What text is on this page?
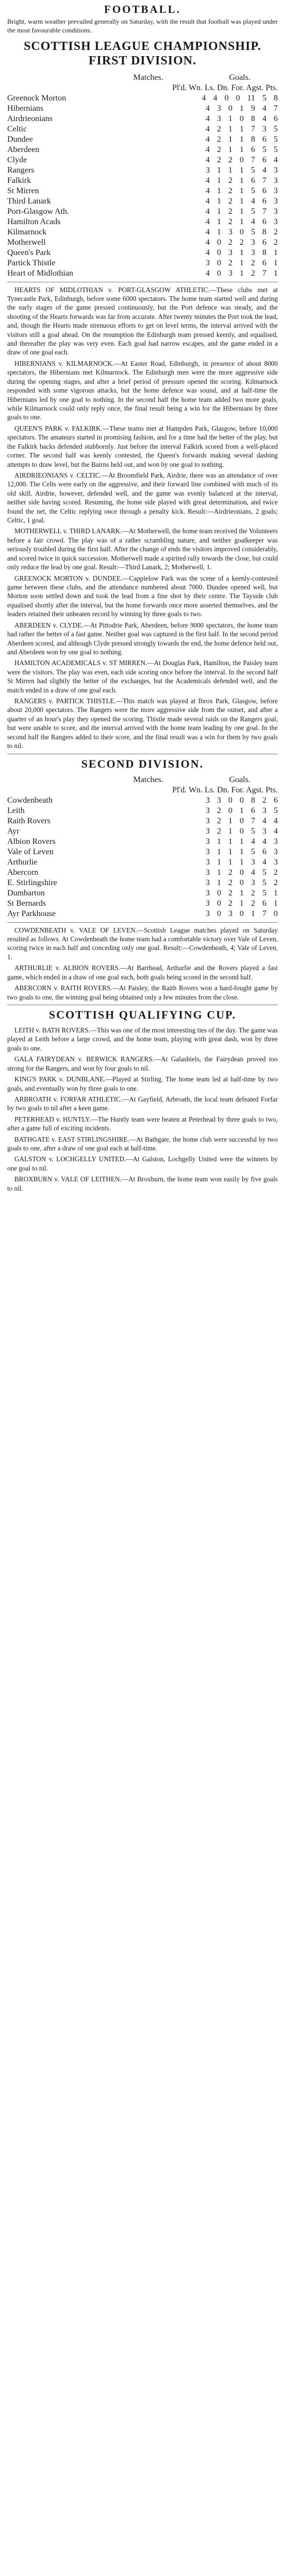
FOOTBALL.

Bright, warm weather prevailed generally on Saturday, with the result that football was played under the most favourable conditions.

SCOTTISH LEAGUE CHAMPIONSHIP.
FIRST DIVISION.
	Matches.	Goals.
	Pl'd. Wn. Ls. Dn. For. Agst. Pts.	
Greenock Morton	4 4 0 0 11 5 8
Hibernians	4 3 0 1 9 4 7
Airdrieonians	4 3 1 0 8 4 6
Celtic	4 2 1 1 7 3 5
Dundee	4 2 1 1 8 6 5
Aberdeen	4 2 1 1 6 5 5
Clyde	4 2 2 0 7 6 4
Rangers	3 1 1 1 5 4 3
Falkirk	4 1 2 1 6 7 3
St Mirren	4 1 2 1 5 6 3
Third Lanark	4 1 2 1 4 6 3
Port-Glasgow Ath.	4 1 2 1 5 7 3
Hamilton Acads	4 1 2 1 4 6 3
Kilmarnock	4 1 3 0 5 8 2
Motherwell	4 0 2 2 3 6 2
Queen's Park	4 0 3 1 3 8 1
Partick Thistle	3 0 2 1 2 6 1
Heart of Midlothian	4 0 3 1 2 7 1

HEARTS OF MIDLOTHIAN v. PORT-GLASGOW ATHLETIC.—These clubs met at Tynecastle Park, Edinburgh, before some 6000 spectators. The home team started well and during the early stages of the game pressed continuously, but the Port defence was steady, and the shooting of the Hearts forwards was far from accurate. After twenty minutes the Port took the lead, and, though the Hearts made strenuous efforts to get on level terms, the interval arrived with the visitors still a goal ahead. On the resumption the Edinburgh team pressed keenly, and equalised, and thereafter the play was very even. Each goal had narrow escapes, and the game ended in a draw of one goal each.

HIBERNIANS v. KILMARNOCK.—At Easter Road, Edinburgh, in presence of about 8000 spectators, the Hibernians met Kilmarnock. The Edinburgh men were the more aggressive side during the opening stages, and after a brief period of pressure opened the scoring. Kilmarnock responded with some vigorous attacks, but the home defence was sound, and at half-time the Hibernians led by one goal to nothing. In the second half the home team added two more goals, while Kilmarnock could only reply once, the final result being a win for the Hibernians by three goals to one.

QUEEN'S PARK v. FALKIRK.—These teams met at Hampden Park, Glasgow, before 10,000 spectators. The amateurs started in promising fashion, and for a time had the better of the play, but the Falkirk backs defended stubbornly. Just before the interval Falkirk scored from a well-placed corner. The second half was keenly contested, the Queen's forwards making several dashing attempts to draw level, but the Bairns held out, and won by one goal to nothing.

AIRDRIEONIANS v. CELTIC.—At Broomfield Park, Airdrie, there was an attendance of over 12,000. The Celts were early on the aggressive, and their forward line combined with much of its old skill. Airdrie, however, defended well, and the game was evenly balanced at the interval, neither side having scored. Resuming, the home side played with great determination, and twice found the net, the Celtic replying once through a penalty kick. Result:—Airdrieonians, 2 goals; Celtic, 1 goal.

MOTHERWELL v. THIRD LANARK.—At Motherwell, the home team received the Volunteers before a fair crowd. The play was of a rather scrambling nature, and neither goalkeeper was seriously troubled during the first half. After the change of ends the visitors improved considerably, and scored twice in quick succession. Motherwell made a spirited rally towards the close, but could only reduce the lead by one goal. Result:—Third Lanark, 2; Motherwell, 1.

GREENOCK MORTON v. DUNDEE.—Cappielow Park was the scene of a keenly-contested game between these clubs, and the attendance numbered about 7000. Dundee opened well, but Morton soon settled down and took the lead from a fine shot by their centre. The Tayside club equalised shortly after the interval, but the home forwards once more asserted themselves, and the leaders retained their unbeaten record by winning by three goals to two.

ABERDEEN v. CLYDE.—At Pittodrie Park, Aberdeen, before 9000 spectators, the home team had rather the better of a fast game. Neither goal was captured in the first half. In the second period Aberdeen scored, and although Clyde pressed strongly towards the end, the home defence held out, and Aberdeen won by one goal to nothing.

HAMILTON ACADEMICALS v. ST MIRREN.—At Douglas Park, Hamilton, the Paisley team were the visitors. The play was even, each side scoring once before the interval. In the second half St Mirren had slightly the better of the exchanges, but the Academicals defended well, and the match ended in a draw of one goal each.

RANGERS v. PARTICK THISTLE.—This match was played at Ibrox Park, Glasgow, before about 20,000 spectators. The Rangers were the more aggressive side from the outset, and after a quarter of an hour's play they opened the scoring. Thistle made several raids on the Rangers goal, but were unable to score, and the interval arrived with the home team leading by one goal. In the second half the Rangers added to their score, and the final result was a win for them by two goals to nil.

SECOND DIVISION.
	Matches.	Goals.
	Pl'd. Wn. Ls. Dn. For. Agst. Pts.	
Cowdenbeath	3 3 0 0 8 2 6
Leith	3 2 0 1 6 3 5
Raith Rovers	3 2 1 0 7 4 4
Ayr	3 2 1 0 5 3 4
Albion Rovers	3 1 1 1 4 4 3
Vale of Leven	3 1 1 1 5 6 3
Arthurlie	3 1 1 1 3 4 3
Abercorn	3 1 2 0 4 5 2
E. Stirlingshire	3 1 2 0 3 5 2
Dumbarton	3 0 2 1 2 5 1
St Bernards	3 0 2 1 2 6 1
Ayr Parkhouse	3 0 3 0 1 7 0

COWDENBEATH v. VALE OF LEVEN.—Scottish League matches played on Saturday resulted as follows. At Cowdenbeath the home team had a comfortable victory over Vale of Leven, scoring twice in each half and conceding only one goal. Result:—Cowdenbeath, 4; Vale of Leven, 1.

ARTHURLIE v. ALBION ROVERS.—At Barrhead, Arthurlie and the Rovers played a fast game, which ended in a draw of one goal each, both goals being scored in the second half.

ABERCORN v. RAITH ROVERS.—At Paisley, the Raith Rovers won a hard-fought game by two goals to one, the winning goal being obtained only a few minutes from the close.

SCOTTISH QUALIFYING CUP.

LEITH v. BATH ROVERS.—This was one of the most interesting ties of the day. The game was played at Leith before a large crowd, and the home team, playing with great dash, won by three goals to one.

GALA FAIRYDEAN v. BERWICK RANGERS.—At Galashiels, the Fairydean proved too strong for the Rangers, and won by four goals to nil.

KING'S PARK v. DUNBLANE.—Played at Stirling. The home team led at half-time by two goals, and eventually won by three goals to one.

ARBROATH v. FORFAR ATHLETIC.—At Gayfield, Arbroath, the local team defeated Forfar by two goals to nil after a keen game.

PETERHEAD v. HUNTLY.—The Huntly team were beaten at Peterhead by three goals to two, after a game full of exciting incidents.

BATHGATE v. EAST STIRLINGSHIRE.—At Bathgate, the home club were successful by two goals to one, after a draw of one goal each at half-time.

GALSTON v. LOCHGELLY UNITED.—At Galston, Lochgelly United were the winners by one goal to nil.

BROXBURN v. VALE OF LEITHEN.—At Broxburn, the home team won easily by five goals to nil.
